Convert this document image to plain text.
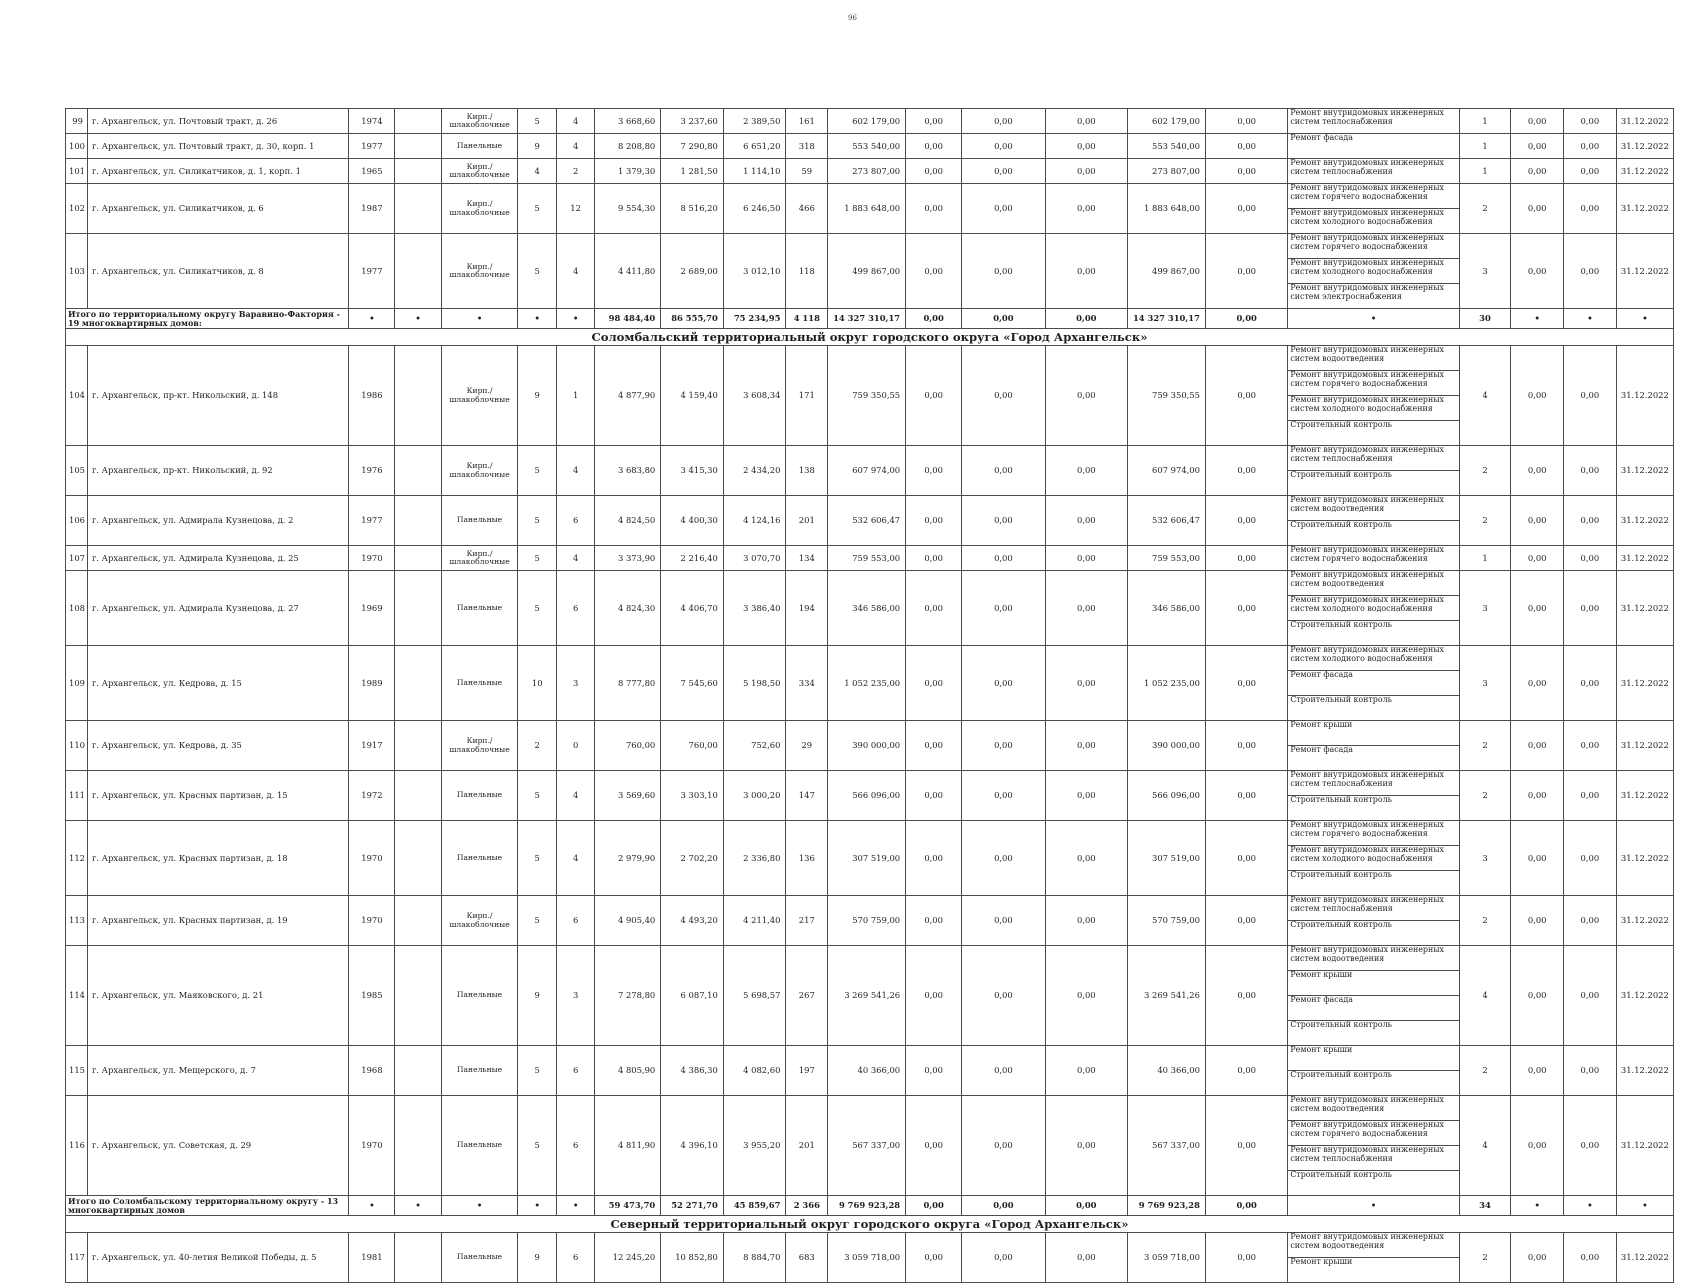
96
99	г. Архангельск, ул. Почтовый тракт, д. 26	1974		Кирп./ шлакоблочные	5	4	3 668,60	3 237,60	2 389,50	161	602 179,00	0,00	0,00	0,00	602 179,00	0,00	Ремонт внутридомовых инженерных систем теплоснабжения	1	0,00	0,00	31.12.2022
100	г. Архангельск, ул. Почтовый тракт, д. 30, корп. 1	1977		Панельные	9	4	8 208,80	7 290,80	6 651,20	318	553 540,00	0,00	0,00	0,00	553 540,00	0,00	Ремонт фасада	1	0,00	0,00	31.12.2022
101	г. Архангельск, ул. Силикатчиков, д. 1, корп. 1	1965		Кирп./ шлакоблочные	4	2	1 379,30	1 281,50	1 114,10	59	273 807,00	0,00	0,00	0,00	273 807,00	0,00	Ремонт внутридомовых инженерных систем теплоснабжения	1	0,00	0,00	31.12.2022
102	г. Архангельск, ул. Силикатчиков, д. 6	1987		Кирп./ шлакоблочные	5	12	9 554,30	8 516,20	6 246,50	466	1 883 648,00	0,00	0,00	0,00	1 883 648,00	0,00	Ремонт внутридомовых инженерных систем горячего водоснабжения
Ремонт внутридомовых инженерных систем холодного водоснабжения	2	0,00	0,00	31.12.2022
103	г. Архангельск, ул. Силикатчиков, д. 8	1977		Кирп./ шлакоблочные	5	4	4 411,80	2 689,00	3 012,10	118	499 867,00	0,00	0,00	0,00	499 867,00	0,00	Ремонт внутридомовых инженерных систем горячего водоснабжения
Ремонт внутридомовых инженерных систем холодного водоснабжения
Ремонт внутридомовых инженерных систем электроснабжения	3	0,00	0,00	31.12.2022
Итого по территориальному округу Варавино-Фактория - 19 многоквартирных домов:		•	•	•	•	•	98 484,40	86 555,70	75 234,95	4 118	14 327 310,17	0,00	0,00	0,00	14 327 310,17	0,00	•	30	•	•	•
Соломбальский территориальный округ городского округа «Город Архангельск»																					
104	г. Архангельск, пр-кт. Никольский, д. 148	1986		Кирп./ шлакоблочные	9	1	4 877,90	4 159,40	3 608,34	171	759 350,55	0,00	0,00	0,00	759 350,55	0,00	Ремонт внутридомовых инженерных систем водоотведения
Ремонт внутридомовых инженерных систем горячего водоснабжения
Ремонт внутридомовых инженерных систем холодного водоснабжения
Строительный контроль	4	0,00	0,00	31.12.2022
105	г. Архангельск, пр-кт. Никольский, д. 92	1976		Кирп./ шлакоблочные	5	4	3 683,80	3 415,30	2 434,20	138	607 974,00	0,00	0,00	0,00	607 974,00	0,00	Ремонт внутридомовых инженерных систем теплоснабжения
Строительный контроль	2	0,00	0,00	31.12.2022
106	г. Архангельск, ул. Адмирала Кузнецова, д. 2	1977		Панельные	5	6	4 824,50	4 400,30	4 124,16	201	532 606,47	0,00	0,00	0,00	532 606,47	0,00	Ремонт внутридомовых инженерных систем водоотведения
Строительный контроль	2	0,00	0,00	31.12.2022
107	г. Архангельск, ул. Адмирала Кузнецова, д. 25	1970		Кирп./ шлакоблочные	5	4	3 373,90	2 216,40	3 070,70	134	759 553,00	0,00	0,00	0,00	759 553,00	0,00	Ремонт внутридомовых инженерных систем горячего водоснабжения	1	0,00	0,00	31.12.2022
108	г. Архангельск, ул. Адмирала Кузнецова, д. 27	1969		Панельные	5	6	4 824,30	4 406,70	3 386,40	194	346 586,00	0,00	0,00	0,00	346 586,00	0,00	Ремонт внутридомовых инженерных систем водоотведения
Ремонт внутридомовых инженерных систем холодного водоснабжения
Строительный контроль	3	0,00	0,00	31.12.2022
109	г. Архангельск, ул. Кедрова, д. 15	1989		Панельные	10	3	8 777,80	7 545,60	5 198,50	334	1 052 235,00	0,00	0,00	0,00	1 052 235,00	0,00	Ремонт внутридомовых инженерных систем холодного водоснабжения
Ремонт фасада
Строительный контроль	3	0,00	0,00	31.12.2022
110	г. Архангельск, ул. Кедрова, д. 35	1917		Кирп./ шлакоблочные	2	0	760,00	760,00	752,60	29	390 000,00	0,00	0,00	0,00	390 000,00	0,00	Ремонт крыши
Ремонт фасада	2	0,00	0,00	31.12.2022
111	г. Архангельск, ул. Красных партизан, д. 15	1972		Панельные	5	4	3 569,60	3 303,10	3 000,20	147	566 096,00	0,00	0,00	0,00	566 096,00	0,00	Ремонт внутридомовых инженерных систем теплоснабжения
Строительный контроль	2	0,00	0,00	31.12.2022
112	г. Архангельск, ул. Красных партизан, д. 18	1970		Панельные	5	4	2 979,90	2 702,20	2 336,80	136	307 519,00	0,00	0,00	0,00	307 519,00	0,00	Ремонт внутридомовых инженерных систем горячего водоснабжения
Ремонт внутридомовых инженерных систем холодного водоснабжения
Строительный контроль	3	0,00	0,00	31.12.2022
113	г. Архангельск, ул. Красных партизан, д. 19	1970		Кирп./ шлакоблочные	5	6	4 905,40	4 493,20	4 211,40	217	570 759,00	0,00	0,00	0,00	570 759,00	0,00	Ремонт внутридомовых инженерных систем теплоснабжения
Строительный контроль	2	0,00	0,00	31.12.2022
114	г. Архангельск, ул. Маяковского, д. 21	1985		Панельные	9	3	7 278,80	6 087,10	5 698,57	267	3 269 541,26	0,00	0,00	0,00	3 269 541,26	0,00	Ремонт внутридомовых инженерных систем водоотведения
Ремонт крыши
Ремонт фасада
Строительный контроль	4	0,00	0,00	31.12.2022
115	г. Архангельск, ул. Мещерского, д. 7	1968		Панельные	5	6	4 805,90	4 386,30	4 082,60	197	40 366,00	0,00	0,00	0,00	40 366,00	0,00	Ремонт крыши
Строительный контроль	2	0,00	0,00	31.12.2022
116	г. Архангельск, ул. Советская, д. 29	1970		Панельные	5	6	4 811,90	4 396,10	3 955,20	201	567 337,00	0,00	0,00	0,00	567 337,00	0,00	Ремонт внутридомовых инженерных систем водоотведения
Ремонт внутридомовых инженерных систем горячего водоснабжения
Ремонт внутридомовых инженерных систем теплоснабжения
Строительный контроль	4	0,00	0,00	31.12.2022
Итого по Соломбальскому территориальному округу - 13 многоквартирных домов		•	•	•	•	•	59 473,70	52 271,70	45 859,67	2 366	9 769 923,28	0,00	0,00	0,00	9 769 923,28	0,00	•	34	•	•	•
Северный территориальный округ городского округа «Город Архангельск»																					
117	г. Архангельск, ул. 40-летия Великой Победы, д. 5	1981		Панельные	9	6	12 245,20	10 852,80	8 884,70	683	3 059 718,00	0,00	0,00	0,00	3 059 718,00	0,00	Ремонт внутридомовых инженерных систем водоотведения
Ремонт крыши	2	0,00	0,00	31.12.2022
